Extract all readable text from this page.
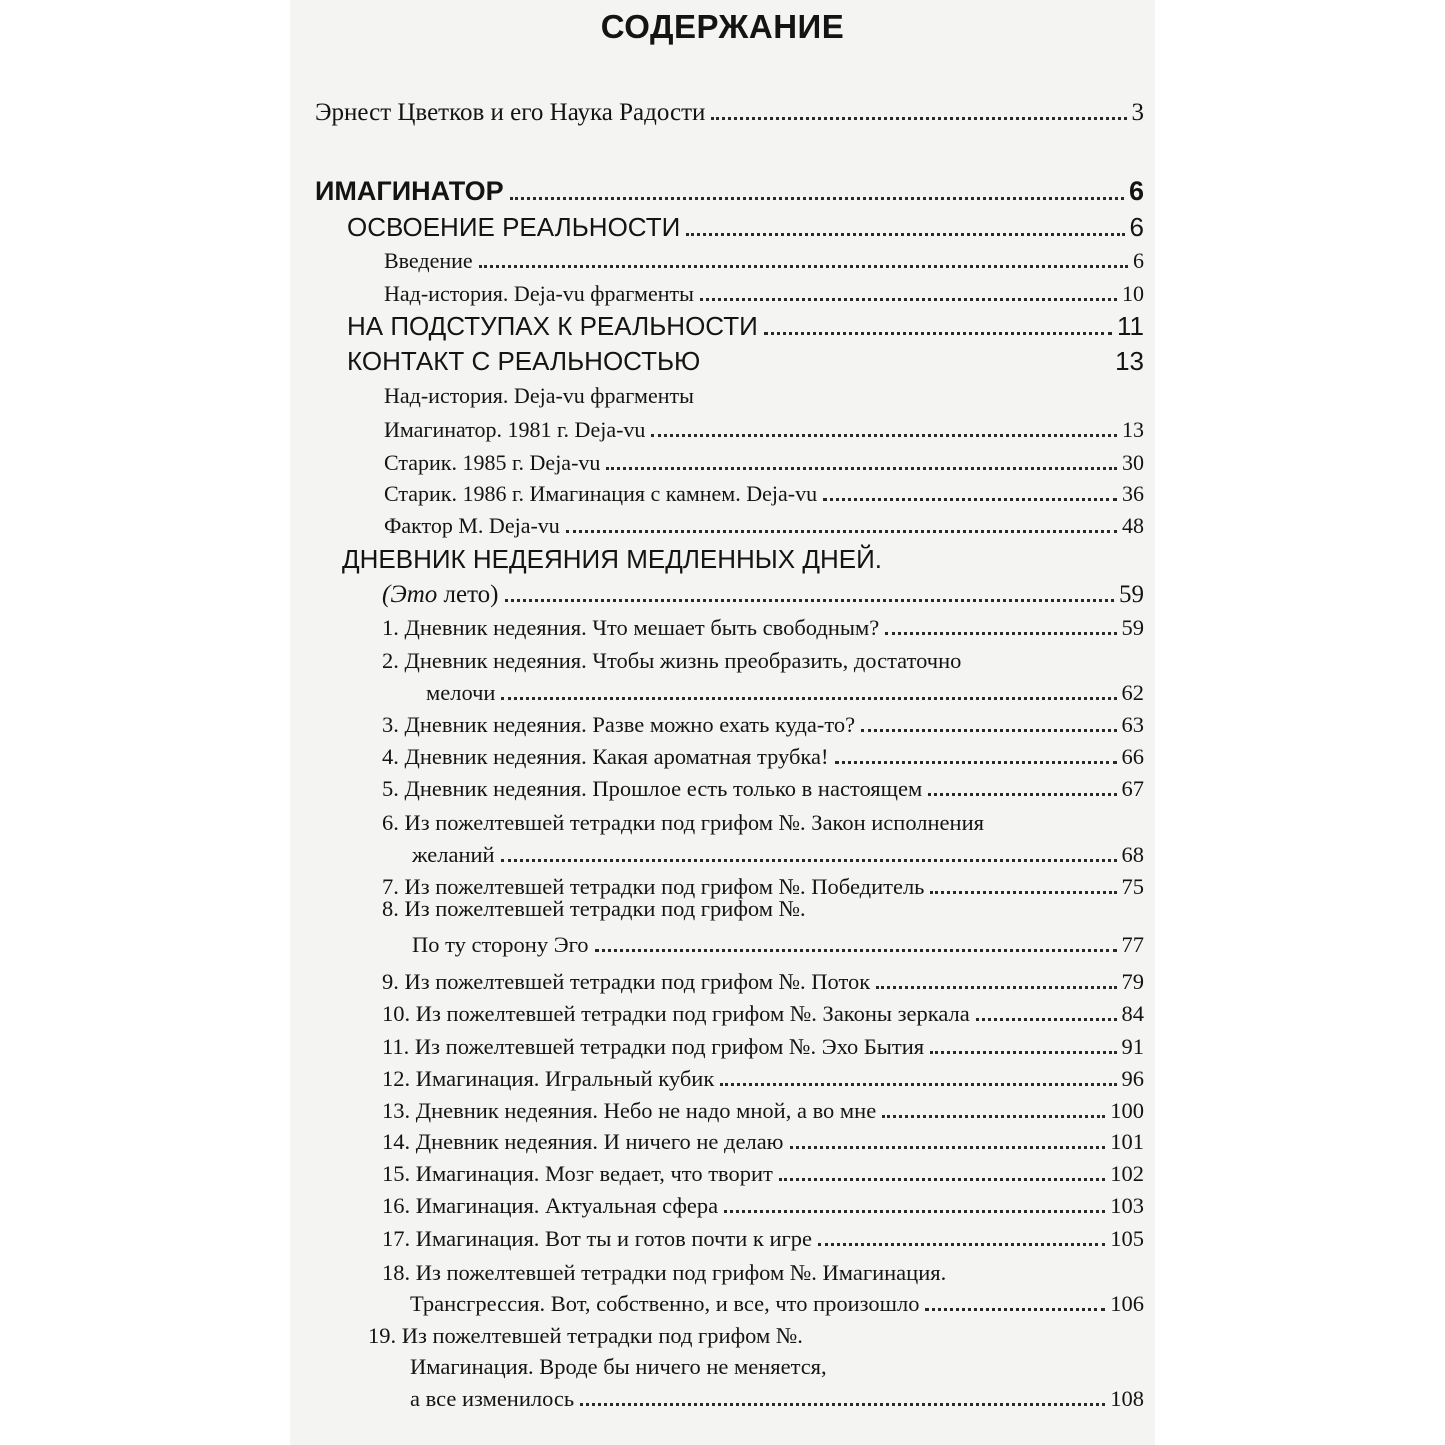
СОДЕРЖАНИЕ
Эрнест Цветков и его Наука Радости	3
ИМАГИНАТОР	6
ОСВОЕНИЕ РЕАЛЬНОСТИ	6
Введение	6
Над-история. Deja-vu фрагменты	10
НА ПОДСТУПАХ К РЕАЛЬНОСТИ	11
КОНТАКТ С РЕАЛЬНОСТЬЮ	13
Над-история. Deja-vu фрагменты
Имагинатор. 1981 г. Deja-vu	13
Старик. 1985 г. Deja-vu	30
Старик. 1986 г. Имагинация с камнем. Deja-vu	36
Фактор М. Deja-vu	48
ДНЕВНИК НЕДЕЯНИЯ МЕДЛЕННЫХ ДНЕЙ.
(Это лето)	59
1. Дневник недеяния. Что мешает быть свободным?	59
2. Дневник недеяния. Чтобы жизнь преобразить, достаточно
мелочи	62
3. Дневник недеяния. Разве можно ехать куда-то?	63
4. Дневник недеяния. Какая ароматная трубка!	66
5. Дневник недеяния. Прошлое есть только в настоящем	67
6. Из пожелтевшей тетрадки под грифом №. Закон исполнения
желаний	68
7. Из пожелтевшей тетрадки под грифом №. Победитель	75
8. Из пожелтевшей тетрадки под грифом №.
По ту сторону Эго	77
9. Из пожелтевшей тетрадки под грифом №. Поток	79
10. Из пожелтевшей тетрадки под грифом №. Законы зеркала	84
11. Из пожелтевшей тетрадки под грифом №. Эхо Бытия	91
12. Имагинация. Игральный кубик	96
13. Дневник недеяния. Небо не надо мной, а во мне	100
14. Дневник недеяния. И ничего не делаю	101
15. Имагинация. Мозг ведает, что творит	102
16. Имагинация. Актуальная сфера	103
17. Имагинация. Вот ты и готов почти к игре	105
18. Из пожелтевшей тетрадки под грифом №. Имагинация.
Трансгрессия. Вот, собственно, и все, что произошло	106
19. Из пожелтевшей тетрадки под грифом №.
Имагинация. Вроде бы ничего не меняется,
а все изменилось	108
